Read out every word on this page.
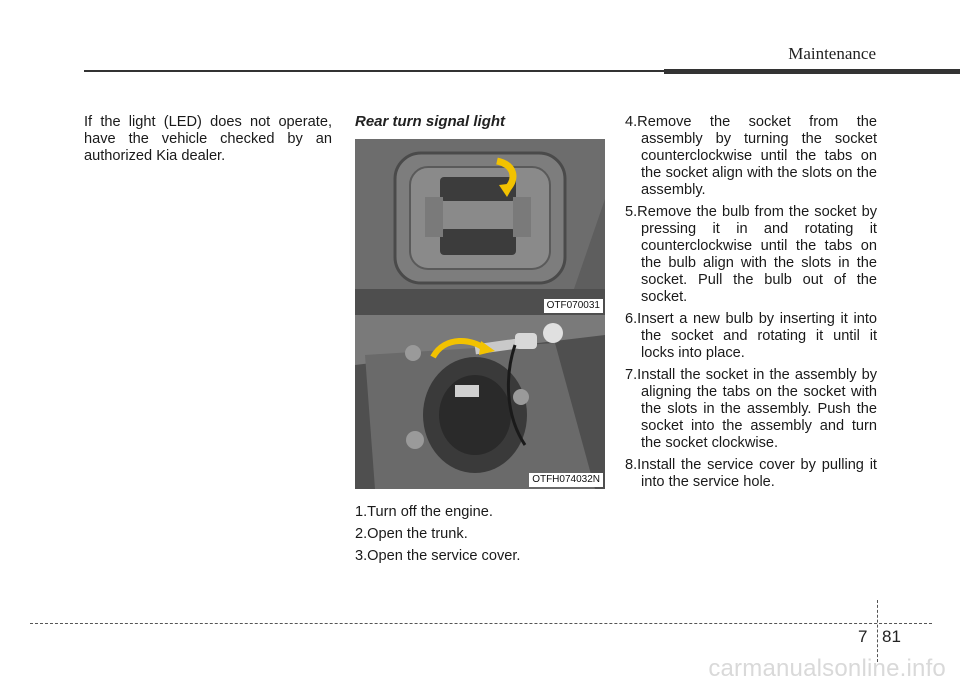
Maintenance
If the light (LED) does not operate, have the vehicle checked by an authorized Kia dealer.
Rear turn signal light
OTF070031
OTFH074032N
1.Turn off the engine.
2.Open the trunk.
3.Open the service cover.
4.Remove the socket from the assembly by turning the socket counterclockwise until the tabs on the socket align with the slots on the assembly.
5.Remove the bulb from the socket by pressing it in and rotating it counterclockwise until the tabs on the bulb align with the slots in the socket. Pull the bulb out of the socket.
6.Insert a new bulb by inserting it into the socket and rotating it until it locks into place.
7.Install the socket in the assembly by aligning the tabs on the socket with the slots in the assembly. Push the socket into the assembly and turn the socket clockwise.
8.Install the service cover by pulling it into the service hole.
7 81
carmanualsonline.info
